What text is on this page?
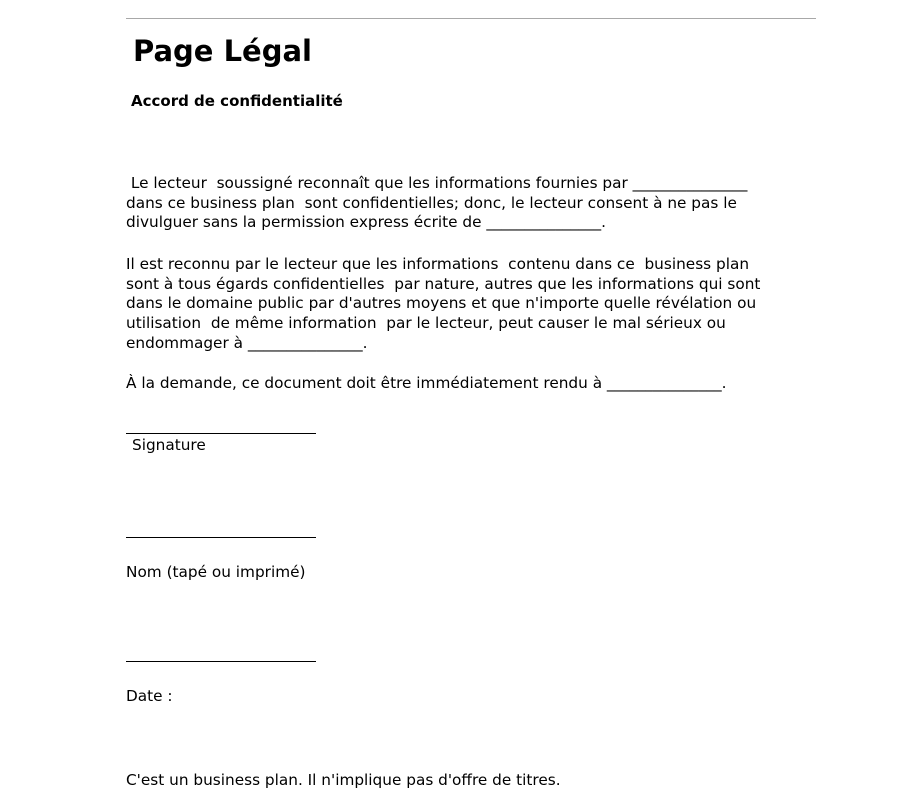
Page Légal
Accord de confidentialité

Le lecteur  soussigné reconnaît que les informations fournies par _______________
dans ce business plan  sont confidentielles; donc, le lecteur consent à ne pas le
divulguer sans la permission express écrite de _______________.

Il est reconnu par le lecteur que les informations  contenu dans ce  business plan
sont à tous égards confidentielles  par nature, autres que les informations qui sont
dans le domaine public par d'autres moyens et que n'importe quelle révélation ou
utilisation  de même information  par le lecteur, peut causer le mal sérieux ou
endommager à _______________.

À la demande, ce document doit être immédiatement rendu à _______________.

Signature

Nom (tapé ou imprimé)

Date :

C'est un business plan. Il n'implique pas d'offre de titres.
